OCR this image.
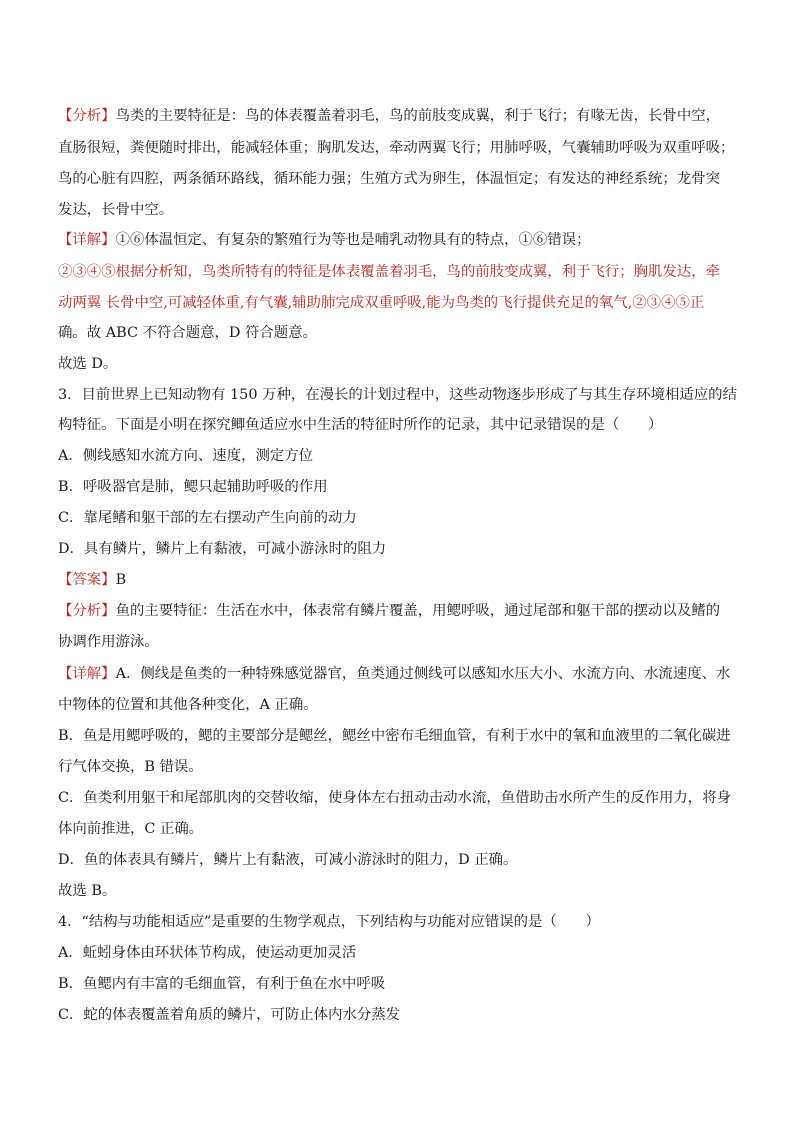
【分析】鸟类的主要特征是：鸟的体表覆盖着羽毛，鸟的前肢变成翼，利于飞行；有喙无齿，长骨中空，
直肠很短，粪便随时排出，能减轻体重；胸肌发达，牵动两翼飞行；用肺呼吸，气囊辅助呼吸为双重呼吸；
鸟的心脏有四腔，两条循环路线，循环能力强；生殖方式为卵生，体温恒定；有发达的神经系统；龙骨突
发达，长骨中空。
【详解】①⑥体温恒定、有复杂的繁殖行为等也是哺乳动物具有的特点，①⑥错误；
②③④⑤根据分析知，鸟类所特有的特征是体表覆盖着羽毛，鸟的前肢变成翼，利于飞行；胸肌发达，牵
动两翼 长骨中空,可减轻体重,有气囊,辅助肺完成双重呼吸,能为鸟类的飞行提供充足的氧气,②③④⑤正
确。故 ABC 不符合题意，D 符合题意。
故选 D。
3．目前世界上已知动物有 150 万种，在漫长的计划过程中，这些动物逐步形成了与其生存环境相适应的结
构特征。下面是小明在探究鲫鱼适应水中生活的特征时所作的记录，其中记录错误的是（　　）
A．侧线感知水流方向、速度，测定方位
B．呼吸器官是肺，鳃只起辅助呼吸的作用
C．靠尾鳍和躯干部的左右摆动产生向前的动力
D．具有鳞片，鳞片上有黏液，可减小游泳时的阻力
【答案】B
【分析】鱼的主要特征：生活在水中，体表常有鳞片覆盖，用鳃呼吸，通过尾部和躯干部的摆动以及鳍的
协调作用游泳。
【详解】A．侧线是鱼类的一种特殊感觉器官，鱼类通过侧线可以感知水压大小、水流方向、水流速度、水
中物体的位置和其他各种变化，A 正确。
B．鱼是用鳃呼吸的，鳃的主要部分是鳃丝，鳃丝中密布毛细血管，有利于水中的氧和血液里的二氧化碳进
行气体交换，B 错误。
C．鱼类利用躯干和尾部肌肉的交替收缩，使身体左右扭动击动水流，鱼借助击水所产生的反作用力，将身
体向前推进，C 正确。
D．鱼的体表具有鳞片，鳞片上有黏液，可减小游泳时的阻力，D 正确。
故选 B。
4．“结构与功能相适应”是重要的生物学观点，下列结构与功能对应错误的是（　　）
A．蚯蚓身体由环状体节构成，使运动更加灵活
B．鱼鳃内有丰富的毛细血管，有利于鱼在水中呼吸
C．蛇的体表覆盖着角质的鳞片，可防止体内水分蒸发
